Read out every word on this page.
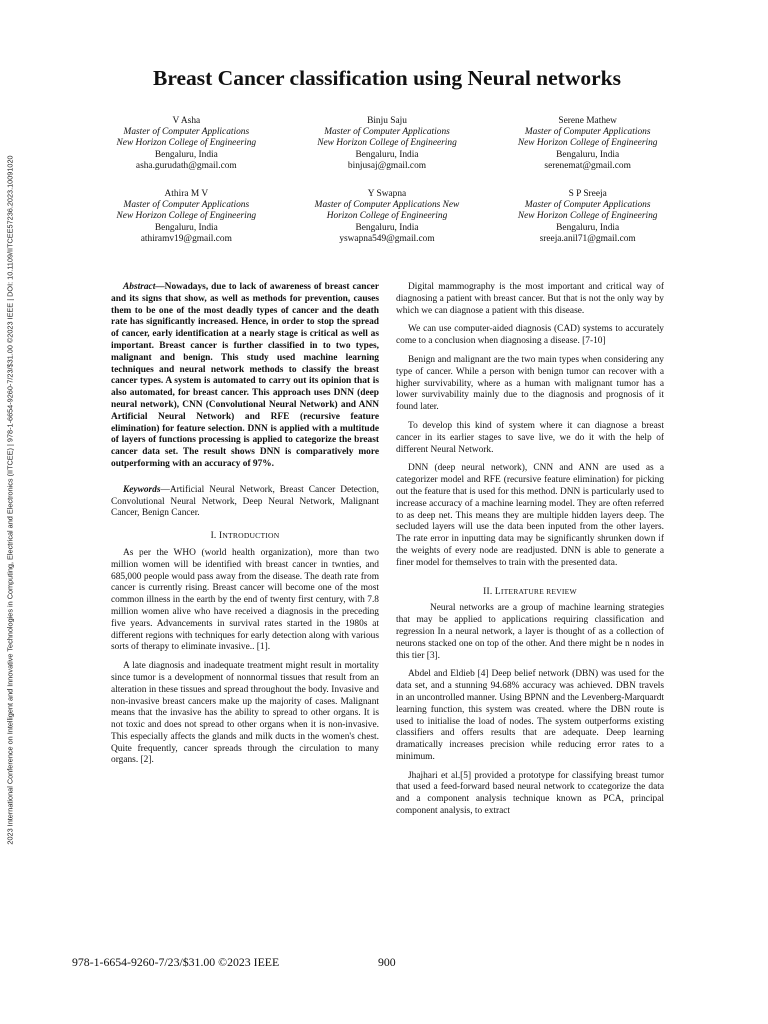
2023 International Conference on Intelligent and Innovative Technologies in Computing, Electrical and Electronics (IITCEE) | 978-1-6654-9260-7/23/$31.00 ©2023 IEEE | DOI: 10.1109/IITCEE57236.2023.10091020
Breast Cancer classification using Neural networks
V Asha
Master of Computer Applications
New Horizon College of Engineering
Bengaluru, India
asha.gurudath@gmail.com
Binju Saju
Master of Computer Applications
New Horizon College of Engineering
Bengaluru, India
binjusaj@gmail.com
Serene Mathew
Master of Computer Applications
New Horizon College of Engineering
Bengaluru, India
serenemat@gmail.com
Athira M V
Master of Computer Applications
New Horizon College of Engineering
Bengaluru, India
athiramv19@gmail.com
Y Swapna
Master of Computer Applications New
Horizon College of Engineering
Bengaluru, India
yswapna549@gmail.com
S P Sreeja
Master of Computer Applications
New Horizon College of Engineering
Bengaluru, India
sreeja.anil71@gmail.com

Abstract—Nowadays, due to lack of awareness of breast cancer and its signs that show, as well as methods for prevention, causes them to be one of the most deadly types of cancer and the death rate has significantly increased. Hence, in order to stop the spread of cancer, early identification at a nearly stage is critical as well as important. Breast cancer is further classified in to two types, malignant and benign. This study used machine learning techniques and neural network methods to classify the breast cancer types. A system is automated to carry out its opinion that is also automated, for breast cancer. This approach uses DNN (deep neural network), CNN (Convolutional Neural Network) and ANN Artificial Neural Network) and RFE (recursive feature elimination) for feature selection. DNN is applied with a multitude of layers of functions processing is applied to categorize the breast cancer data set. The result shows DNN is comparatively more outperforming with an accuracy of 97%.

Keywords—Artificial Neural Network, Breast Cancer Detection, Convolutional Neural Network, Deep Neural Network, Malignant Cancer, Benign Cancer.

I. INTRODUCTION

As per the WHO (world health organization), more than two million women will be identified with breast cancer in twnties, and 685,000 people would pass away from the disease. The death rate from cancer is currently rising. Breast cancer will become one of the most common illness in the earth by the end of twenty first century, with 7.8 million women alive who have received a diagnosis in the preceding five years. Advancements in survival rates started in the 1980s at different regions with techniques for early detection along with various sorts of therapy to eliminate invasive.. [1].

A late diagnosis and inadequate treatment might result in mortality since tumor is a development of nonnormal tissues that result from an alteration in these tissues and spread throughout the body. Invasive and non-invasive breast cancers make up the majority of cases. Malignant means that the invasive has the ability to spread to other organs. It is not toxic and does not spread to other organs when it is non-invasive. This especially affects the glands and milk ducts in the women's chest. Quite frequently, cancer spreads through the circulation to many organs. [2].

Digital mammography is the most important and critical way of diagnosing a patient with breast cancer. But that is not the only way by which we can diagnose a patient with this disease.

We can use computer-aided diagnosis (CAD) systems to accurately come to a conclusion when diagnosing a disease. [7-10]

Benign and malignant are the two main types when considering any type of cancer. While a person with benign tumor can recover with a higher survivability, where as a human with malignant tumor has a lower survivability mainly due to the diagnosis and prognosis of it found later.

To develop this kind of system where it can diagnose a breast cancer in its earlier stages to save live, we do it with the help of different Neural Network.

DNN (deep neural network), CNN and ANN are used as a categorizer model and RFE (recursive feature elimination) for picking out the feature that is used for this method. DNN is particularly used to increase accuracy of a machine learning model. They are often referred to as deep net. This means they are multiple hidden layers deep. The secluded layers will use the data been inputed from the other layers. The rate error in inputting data may be significantly shrunken down if the weights of every node are readjusted. DNN is able to generate a finer model for themselves to train with the presented data.

II. LITERATURE REVIEW

Neural networks are a group of machine learning strategies that may be applied to applications requiring classification and regression In a neural network, a layer is thought of as a collection of neurons stacked one on top of the other. And there might be n nodes in this tier [3].

Abdel and Eldieb [4] Deep belief network (DBN) was used for the data set, and a stunning 94.68% accuracy was achieved. DBN travels in an uncontrolled manner. Using BPNN and the Levenberg-Marquardt learning function, this system was created. where the DBN route is used to initialise the load of nodes. The system outperforms existing classifiers and offers results that are adequate. Deep learning dramatically increases precision while reducing error rates to a minimum.

Jhajhari et al.[5] provided a prototype for classifying breast tumor that used a feed-forward based neural network to ccategorize the data and a component analysis technique known as PCA, principal component analysis, to extract

978-1-6654-9260-7/23/$31.00 ©2023 IEEE	900
